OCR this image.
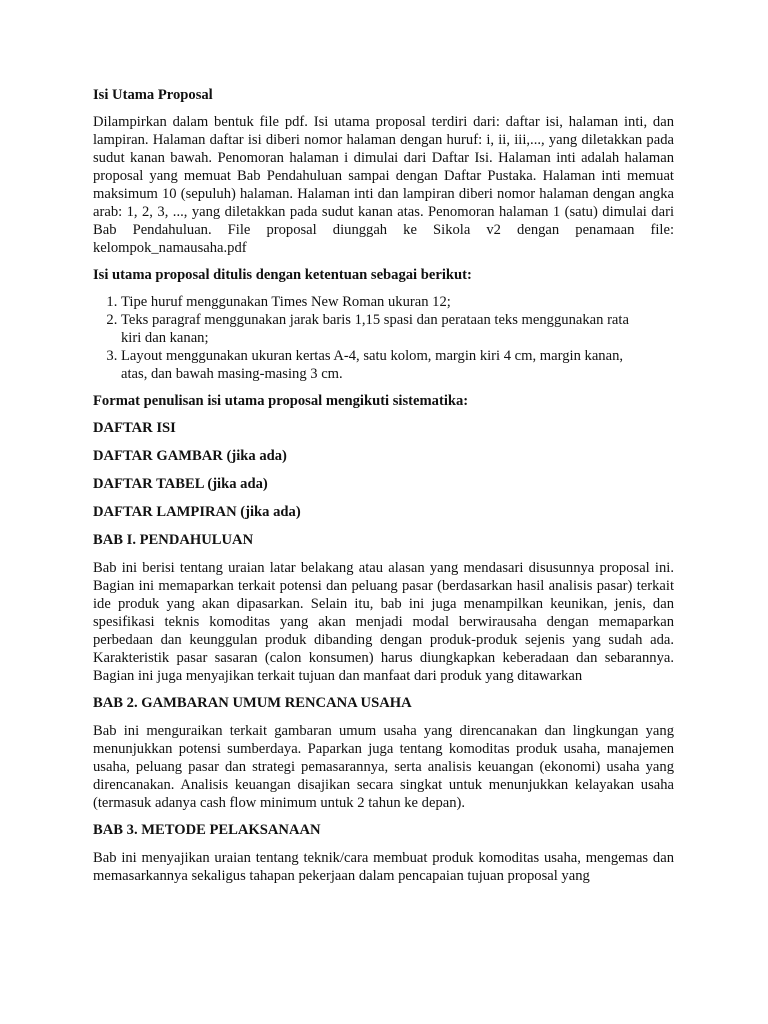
Isi Utama Proposal
Dilampirkan dalam bentuk file pdf. Isi utama proposal terdiri dari: daftar isi, halaman inti, dan lampiran. Halaman daftar isi diberi nomor halaman dengan huruf: i, ii, iii,..., yang diletakkan pada sudut kanan bawah. Penomoran halaman i dimulai dari Daftar Isi. Halaman inti adalah halaman proposal yang memuat Bab Pendahuluan sampai dengan Daftar Pustaka. Halaman inti memuat maksimum 10 (sepuluh) halaman. Halaman inti dan lampiran diberi nomor halaman dengan angka arab: 1, 2, 3, ..., yang diletakkan pada sudut kanan atas. Penomoran halaman 1 (satu) dimulai dari Bab Pendahuluan. File proposal diunggah ke Sikola v2 dengan penamaan file: kelompok_namausaha.pdf
Isi utama proposal ditulis dengan ketentuan sebagai berikut:
1. Tipe huruf menggunakan Times New Roman ukuran 12;
2. Teks paragraf menggunakan jarak baris 1,15 spasi dan perataan teks menggunakan rata kiri dan kanan;
3. Layout menggunakan ukuran kertas A-4, satu kolom, margin kiri 4 cm, margin kanan, atas, dan bawah masing-masing 3 cm.
Format penulisan isi utama proposal mengikuti sistematika:
DAFTAR ISI
DAFTAR GAMBAR (jika ada)
DAFTAR TABEL (jika ada)
DAFTAR LAMPIRAN (jika ada)
BAB I. PENDAHULUAN
Bab ini berisi tentang uraian latar belakang atau alasan yang mendasari disusunnya proposal ini. Bagian ini memaparkan terkait potensi dan peluang pasar (berdasarkan hasil analisis pasar) terkait ide produk yang akan dipasarkan. Selain itu, bab ini juga menampilkan keunikan, jenis, dan spesifikasi teknis komoditas yang akan menjadi modal berwirausaha dengan memaparkan perbedaan dan keunggulan produk dibanding dengan produk-produk sejenis yang sudah ada. Karakteristik pasar sasaran (calon konsumen) harus diungkapkan keberadaan dan sebarannya. Bagian ini juga menyajikan terkait tujuan dan manfaat dari produk yang ditawarkan
BAB 2. GAMBARAN UMUM RENCANA USAHA
Bab ini menguraikan terkait gambaran umum usaha yang direncanakan dan lingkungan yang menunjukkan potensi sumberdaya. Paparkan juga tentang komoditas produk usaha, manajemen usaha, peluang pasar dan strategi pemasarannya, serta analisis keuangan (ekonomi) usaha yang direncanakan. Analisis keuangan disajikan secara singkat untuk menunjukkan kelayakan usaha (termasuk adanya cash flow minimum untuk 2 tahun ke depan).
BAB 3. METODE PELAKSANAAN
Bab ini menyajikan uraian tentang teknik/cara membuat produk komoditas usaha, mengemas dan memasarkannya sekaligus tahapan pekerjaan dalam pencapaian tujuan proposal yang
